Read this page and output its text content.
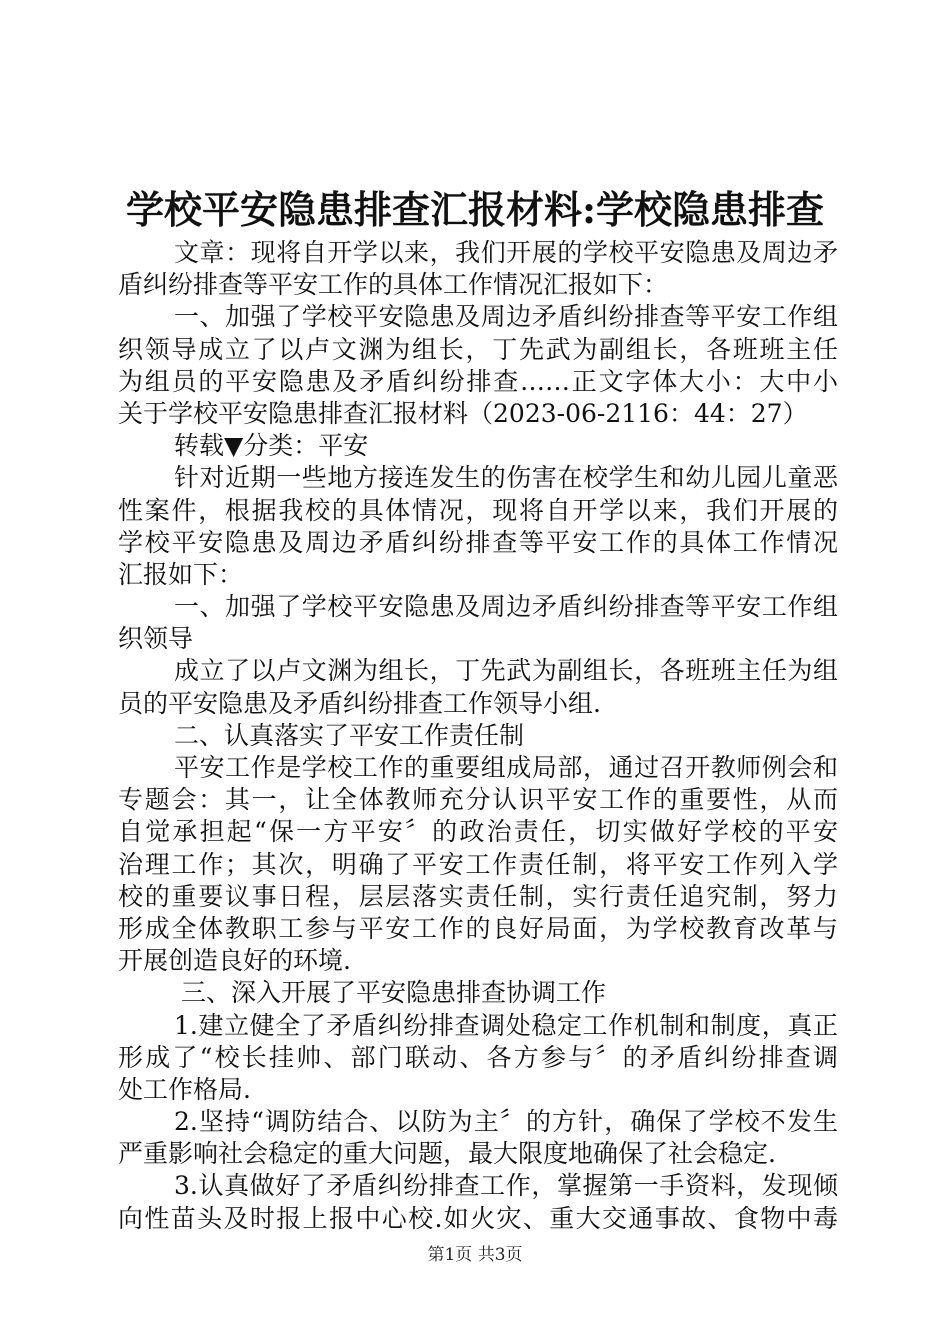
学校平安隐患排查汇报材料:学校隐患排查
文章：现将自开学以来，我们开展的学校平安隐患及周边矛
盾纠纷排查等平安工作的具体工作情况汇报如下：
一、加强了学校平安隐患及周边矛盾纠纷排查等平安工作组
织领导成立了以卢文渊为组长，丁先武为副组长，各班班主任
为组员的平安隐患及矛盾纠纷排查……正文字体大小：大中小
关于学校平安隐患排查汇报材料（2023-06-2116：44：27）
转载▼分类：平安
针对近期一些地方接连发生的伤害在校学生和幼儿园儿童恶
性案件，根据我校的具体情况，现将自开学以来，我们开展的
学校平安隐患及周边矛盾纠纷排查等平安工作的具体工作情况
汇报如下：
一、加强了学校平安隐患及周边矛盾纠纷排查等平安工作组
织领导
成立了以卢文渊为组长，丁先武为副组长，各班班主任为组
员的平安隐患及矛盾纠纷排查工作领导小组.
二、认真落实了平安工作责任制
平安工作是学校工作的重要组成局部，通过召开教师例会和
专题会：其一，让全体教师充分认识平安工作的重要性，从而
自觉承担起“保一方平安〞的政治责任，切实做好学校的平安
治理工作；其次，明确了平安工作责任制，将平安工作列入学
校的重要议事日程，层层落实责任制，实行责任追究制，努力
形成全体教职工参与平安工作的良好局面，为学校教育改革与
开展创造良好的环境.
三、深入开展了平安隐患排查协调工作
1.建立健全了矛盾纠纷排查调处稳定工作机制和制度，真正
形成了“校长挂帅、部门联动、各方参与〞的矛盾纠纷排查调
处工作格局.
2.坚持“调防结合、以防为主〞的方针，确保了学校不发生
严重影响社会稳定的重大问题，最大限度地确保了社会稳定.
3.认真做好了矛盾纠纷排查工作，掌握第一手资料，发现倾
向性苗头及时报上报中心校.如火灾、重大交通事故、食物中毒
第1页 共3页
